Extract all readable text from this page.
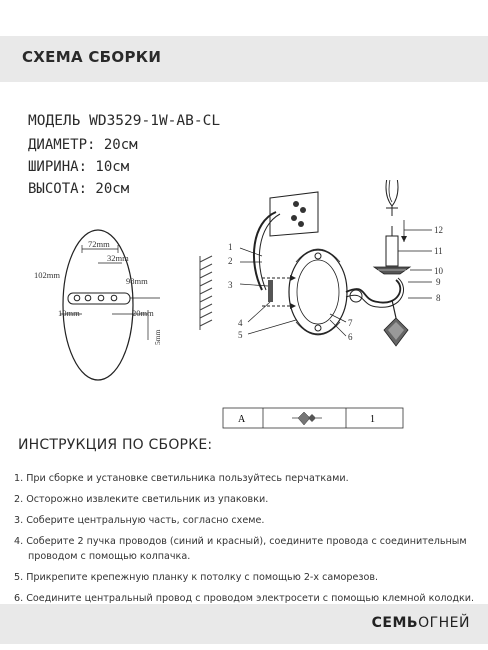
СХЕМА СБОРКИ
МОДЕЛЬ WD3529-1W-AB-CL
ДИАМЕТР: 20см
ШИРИНА: 10см
ВЫСОТА: 20см
72mm
32mm
102mm
98mm
10mm	20mm
5mm
1
2
3
4
5	6
7
8
9
10
11
12
A	1
ИНСТРУКЦИЯ ПО СБОРКЕ:
1. При сборке и установке светильника пользуйтесь перчатками.
2. Осторожно извлеките светильник из упаковки.
3. Соберите центральную часть, согласно схеме.
4. Соберите 2 пучка проводов (синий и красный), соедините провода с соединительным
проводом с помощью колпачка.
5. Прикрепите крепежную планку к потолку с помощью 2-х саморезов.
6. Соедините центральный провод с проводом электросети с помощью клемной колодки.
СЕМЬОГНЕЙ
